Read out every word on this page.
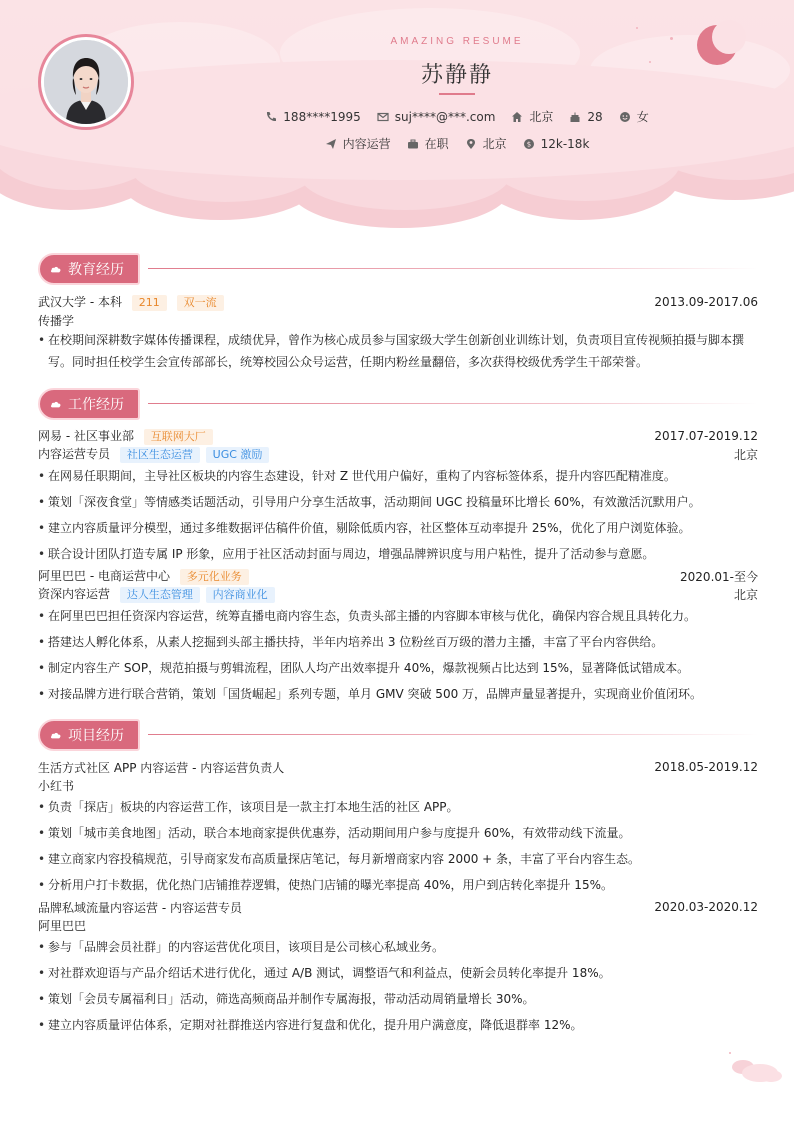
AMAZING RESUME
苏静静
188****1995	suj****@***.com	北京	28	女
内容运营	在职	北京	$ 12k-18k
教育经历
武汉大学 - 本科 211 双一流	2013.09-2017.06
传播学
• 在校期间深耕数字媒体传播课程，成绩优异，曾作为核心成员参与国家级大学生创新创业训练计划，负责项目宣传视频拍摄与脚本撰
写。同时担任校学生会宣传部部长，统筹校园公众号运营，任期内粉丝量翻倍，多次获得校级优秀学生干部荣誉。
工作经历
网易 - 社区事业部 互联网大厂	2017.07-2019.12
内容运营专员 社区生态运营 UGC 激励	北京
• 在网易任职期间，主导社区板块的内容生态建设，针对 Z 世代用户偏好，重构了内容标签体系，提升内容匹配精准度。
• 策划「深夜食堂」等情感类话题活动，引导用户分享生活故事，活动期间 UGC 投稿量环比增长 60%，有效激活沉默用户。
• 建立内容质量评分模型，通过多维数据评估稿件价值，剔除低质内容，社区整体互动率提升 25%，优化了用户浏览体验。
• 联合设计团队打造专属 IP 形象，应用于社区活动封面与周边，增强品牌辨识度与用户粘性，提升了活动参与意愿。
阿里巴巴 - 电商运营中心 多元化业务	2020.01-至今
资深内容运营 达人生态管理 内容商业化	北京
• 在阿里巴巴担任资深内容运营，统筹直播电商内容生态，负责头部主播的内容脚本审核与优化，确保内容合规且具转化力。
• 搭建达人孵化体系，从素人挖掘到头部主播扶持，半年内培养出 3 位粉丝百万级的潜力主播，丰富了平台内容供给。
• 制定内容生产 SOP，规范拍摄与剪辑流程，团队人均产出效率提升 40%，爆款视频占比达到 15%，显著降低试错成本。
• 对接品牌方进行联合营销，策划「国货崛起」系列专题，单月 GMV 突破 500 万，品牌声量显著提升，实现商业价值闭环。
项目经历
生活方式社区 APP 内容运营 - 内容运营负责人	2018.05-2019.12
小红书
• 负责「探店」板块的内容运营工作，该项目是一款主打本地生活的社区 APP。
• 策划「城市美食地图」活动，联合本地商家提供优惠券，活动期间用户参与度提升 60%，有效带动线下流量。
• 建立商家内容投稿规范，引导商家发布高质量探店笔记，每月新增商家内容 2000 + 条，丰富了平台内容生态。
• 分析用户打卡数据，优化热门店铺推荐逻辑，使热门店铺的曝光率提高 40%，用户到店转化率提升 15%。
品牌私域流量内容运营 - 内容运营专员	2020.03-2020.12
阿里巴巴
• 参与「品牌会员社群」的内容运营优化项目，该项目是公司核心私域业务。
• 对社群欢迎语与产品介绍话术进行优化，通过 A/B 测试，调整语气和利益点，使新会员转化率提升 18%。
• 策划「会员专属福利日」活动，筛选高频商品并制作专属海报，带动活动周销量增长 30%。
• 建立内容质量评估体系，定期对社群推送内容进行复盘和优化，提升用户满意度，降低退群率 12%。
